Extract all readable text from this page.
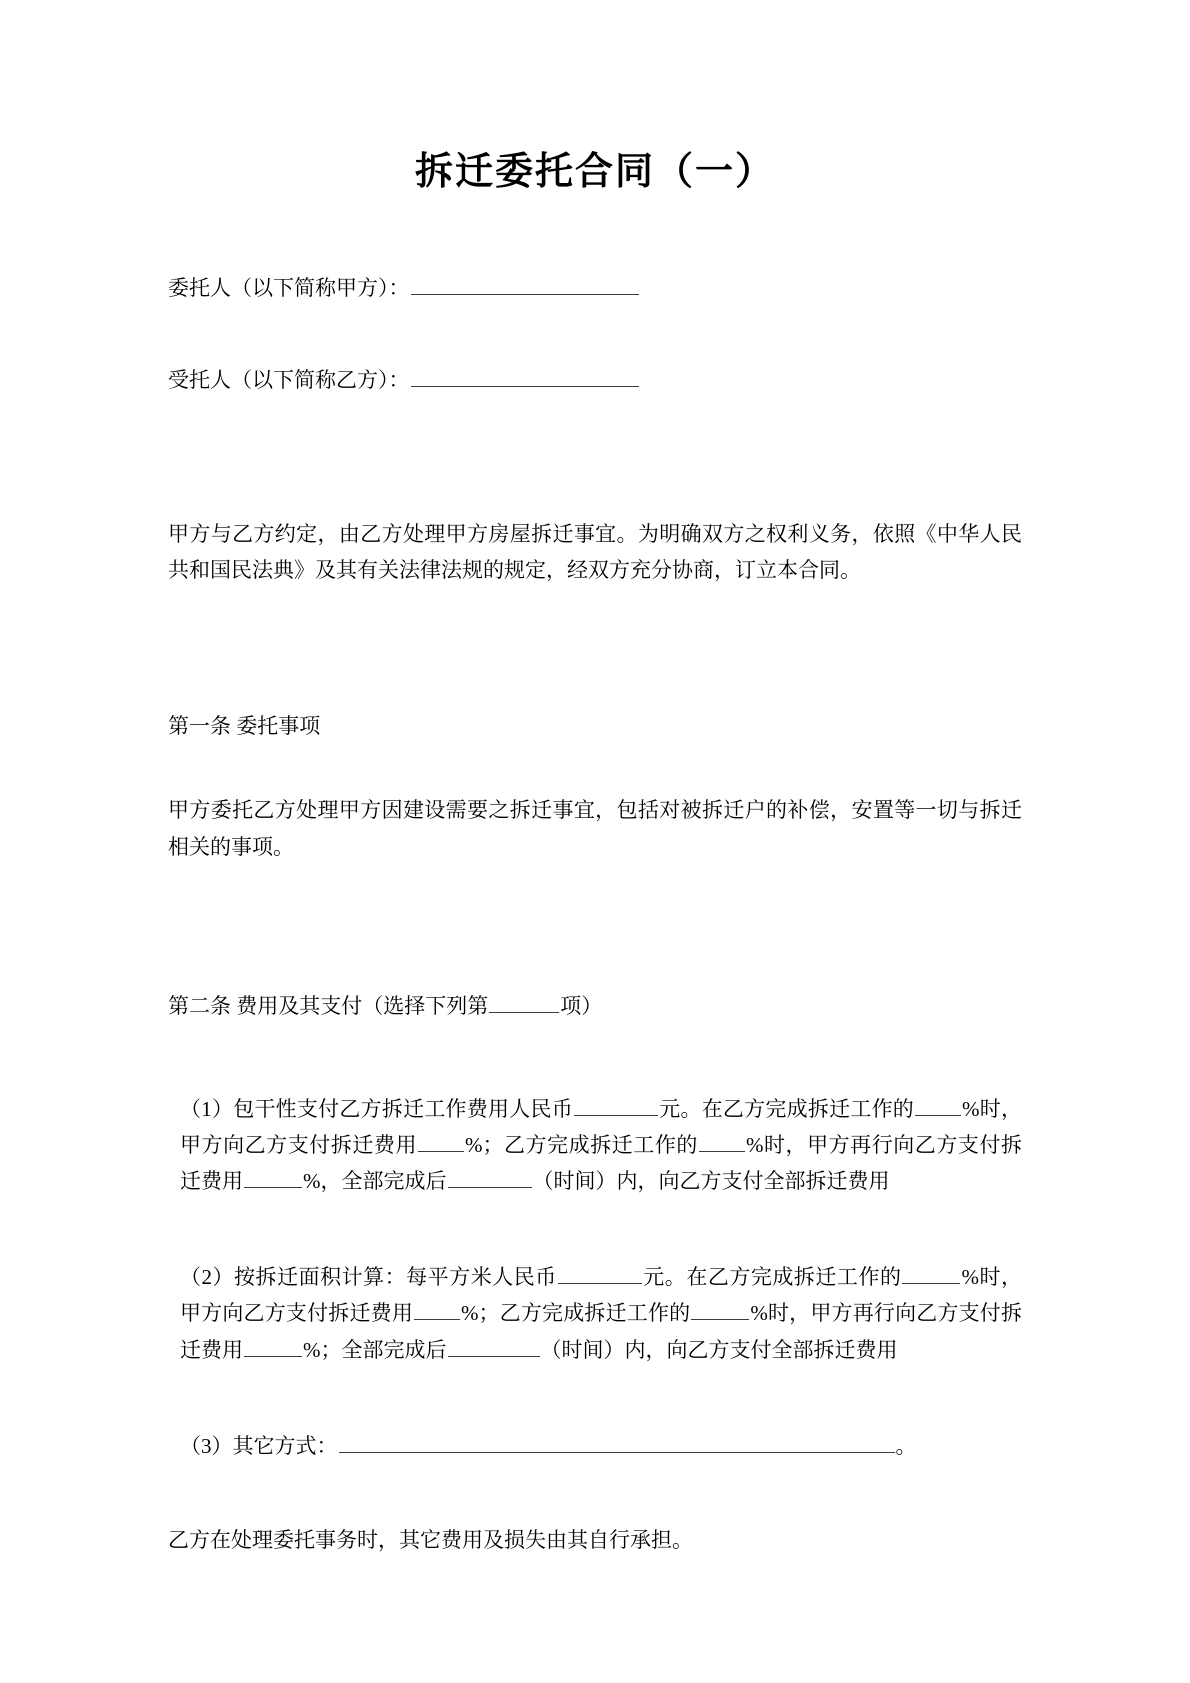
拆迁委托合同（一）
委托人（以下简称甲方）：
受托人（以下简称乙方）：

甲方与乙方约定，由乙方处理甲方房屋拆迁事宜。为明确双方之权利义务，依照《中华人民共和国民法典》及其有关法律法规的规定，经双方充分协商，订立本合同。

第一条 委托事项

甲方委托乙方处理甲方因建设需要之拆迁事宜，包括对被拆迁户的补偿，安置等一切与拆迁相关的事项。

第二条 费用及其支付（选择下列第	项）

（1）包干性支付乙方拆迁工作费用人民币	元。在乙方完成拆迁工作的 %时，甲方向乙方支付拆迁费用 %；乙方完成拆迁工作的 %时，甲方再行向乙方支付拆迁费用	%，全部完成后	（时间）内，向乙方支付全部拆迁费用

（2）按拆迁面积计算：每平方米人民币	元。在乙方完成拆迁工作的	%时，甲方向乙方支付拆迁费用 %；乙方完成拆迁工作的	%时，甲方再行向乙方支付拆迁费用	%；全部完成后	（时间）内，向乙方支付全部拆迁费用

（3）其它方式：	。

乙方在处理委托事务时，其它费用及损失由其自行承担。
